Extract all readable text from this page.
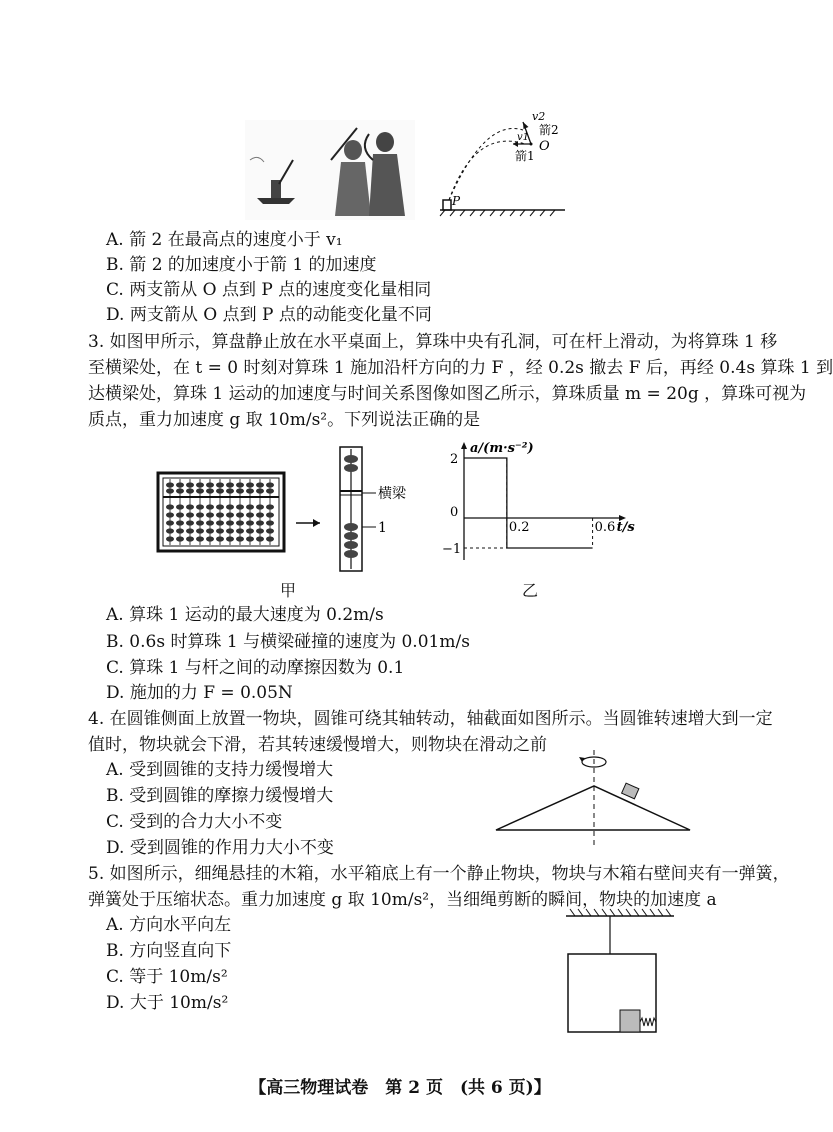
v2
箭2
v1
O
箭1
P
A. 箭 2 在最高点的速度小于 v₁
B. 箭 2 的加速度小于箭 1 的加速度
C. 两支箭从 O 点到 P 点的速度变化量相同
D. 两支箭从 O 点到 P 点的动能变化量不同
3. 如图甲所示，算盘静止放在水平桌面上，算珠中央有孔洞，可在杆上滑动，为将算珠 1 移
至横梁处，在 t = 0 时刻对算珠 1 施加沿杆方向的力 F ，经 0.2s 撤去 F 后，再经 0.4s 算珠 1 到
达横梁处，算珠 1 运动的加速度与时间关系图像如图乙所示，算珠质量 m = 20g ，算珠可视为
质点，重力加速度 g 取 10m/s²。下列说法正确的是
横梁
1
甲
a/(m·s⁻²)
2
0
−1
0.2	0.6 t/s
乙
A. 算珠 1 运动的最大速度为 0.2m/s
B. 0.6s 时算珠 1 与横梁碰撞的速度为 0.01m/s
C. 算珠 1 与杆之间的动摩擦因数为 0.1
D. 施加的力 F = 0.05N
4. 在圆锥侧面上放置一物块，圆锥可绕其轴转动，轴截面如图所示。当圆锥转速增大到一定
值时，物块就会下滑，若其转速缓慢增大，则物块在滑动之前
A. 受到圆锥的支持力缓慢增大
B. 受到圆锥的摩擦力缓慢增大
C. 受到的合力大小不变
D. 受到圆锥的作用力大小不变
5. 如图所示，细绳悬挂的木箱，水平箱底上有一个静止物块，物块与木箱右壁间夹有一弹簧，
弹簧处于压缩状态。重力加速度 g 取 10m/s²，当细绳剪断的瞬间，物块的加速度 a
A. 方向水平向左
B. 方向竖直向下
C. 等于 10m/s²
D. 大于 10m/s²
【高三物理试卷　第 2 页　(共 6 页)】
